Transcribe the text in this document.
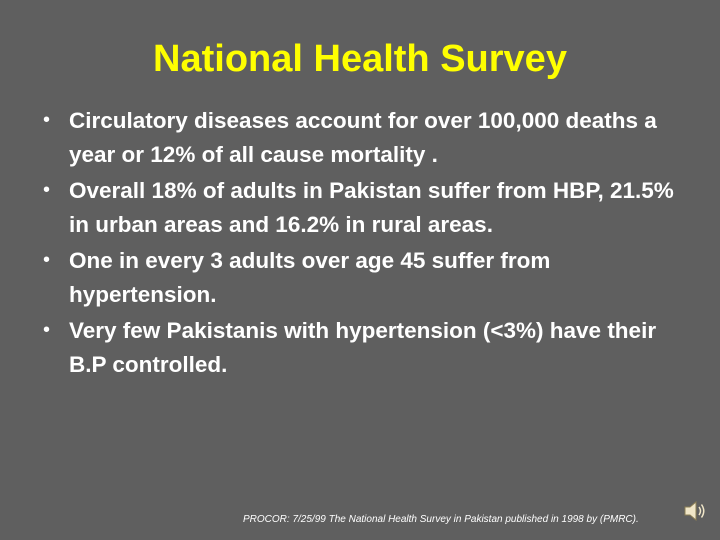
National Health Survey
• Circulatory diseases account for over 100,000 deaths a year or 12% of all cause mortality .
• Overall 18% of adults in Pakistan suffer from HBP, 21.5% in urban areas and 16.2% in rural areas.
• One in every 3 adults over age 45 suffer from hypertension.
• Very few Pakistanis with hypertension (<3%) have their B.P controlled.
PROCOR: 7/25/99 The National Health Survey in Pakistan published in 1998 by (PMRC).
